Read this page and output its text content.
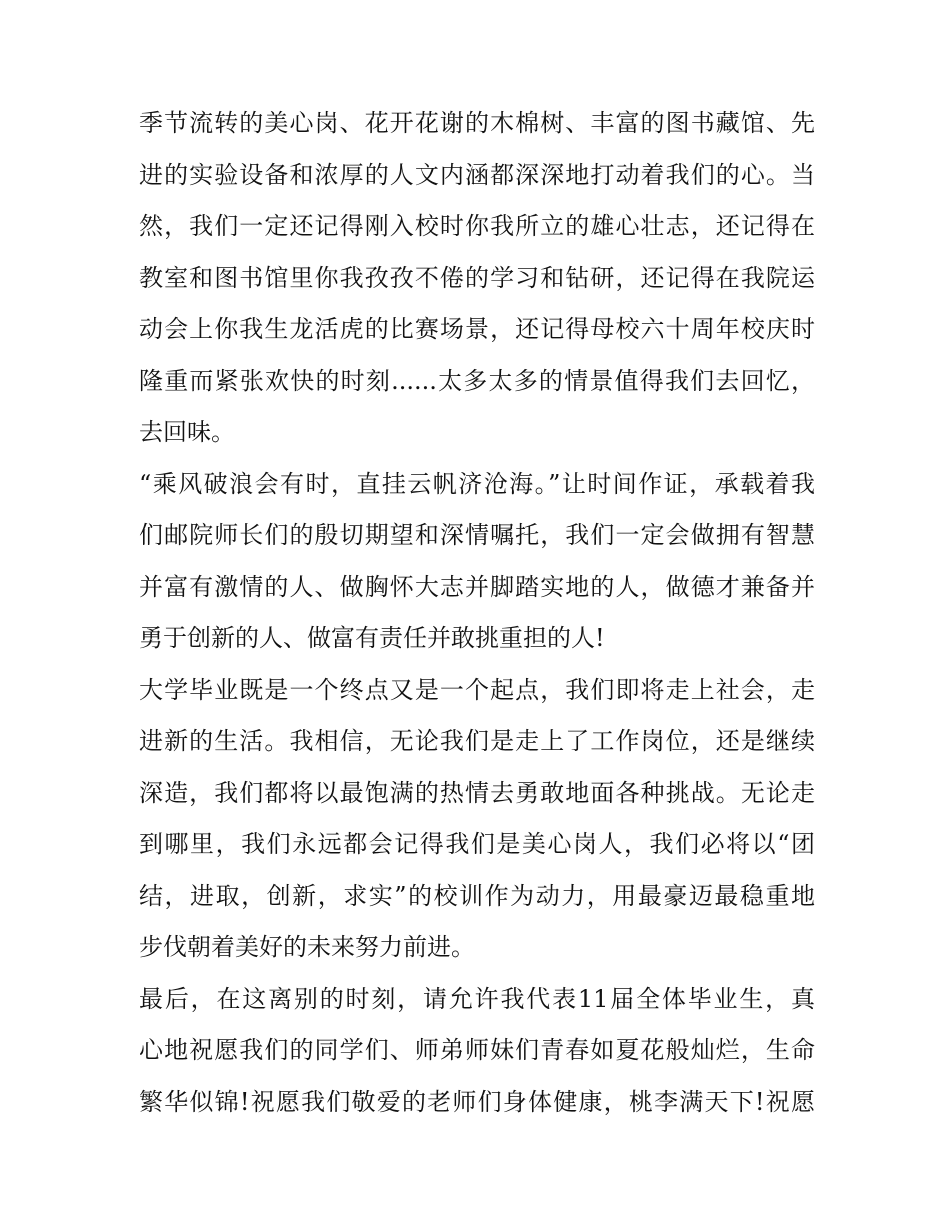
季节流转的美心岗、花开花谢的木棉树、丰富的图书藏馆、先
进的实验设备和浓厚的人文内涵都深深地打动着我们的心。当
然，我们一定还记得刚入校时你我所立的雄心壮志，还记得在
教室和图书馆里你我孜孜不倦的学习和钻研，还记得在我院运
动会上你我生龙活虎的比赛场景，还记得母校六十周年校庆时
隆重而紧张欢快的时刻......太多太多的情景值得我们去回忆，
去回味。
“乘风破浪会有时，直挂云帆济沧海。”让时间作证，承载着我
们邮院师长们的殷切期望和深情嘱托，我们一定会做拥有智慧
并富有激情的人、做胸怀大志并脚踏实地的人，做德才兼备并
勇于创新的人、做富有责任并敢挑重担的人!
大学毕业既是一个终点又是一个起点，我们即将走上社会，走
进新的生活。我相信，无论我们是走上了工作岗位，还是继续
深造，我们都将以最饱满的热情去勇敢地面各种挑战。无论走
到哪里，我们永远都会记得我们是美心岗人，我们必将以“团
结，进取，创新，求实”的校训作为动力，用最豪迈最稳重地
步伐朝着美好的未来努力前进。
最后，在这离别的时刻，请允许我代表11届全体毕业生，真
心地祝愿我们的同学们、师弟师妹们青春如夏花般灿烂，生命
繁华似锦!祝愿我们敬爱的老师们身体健康，桃李满天下!祝愿
